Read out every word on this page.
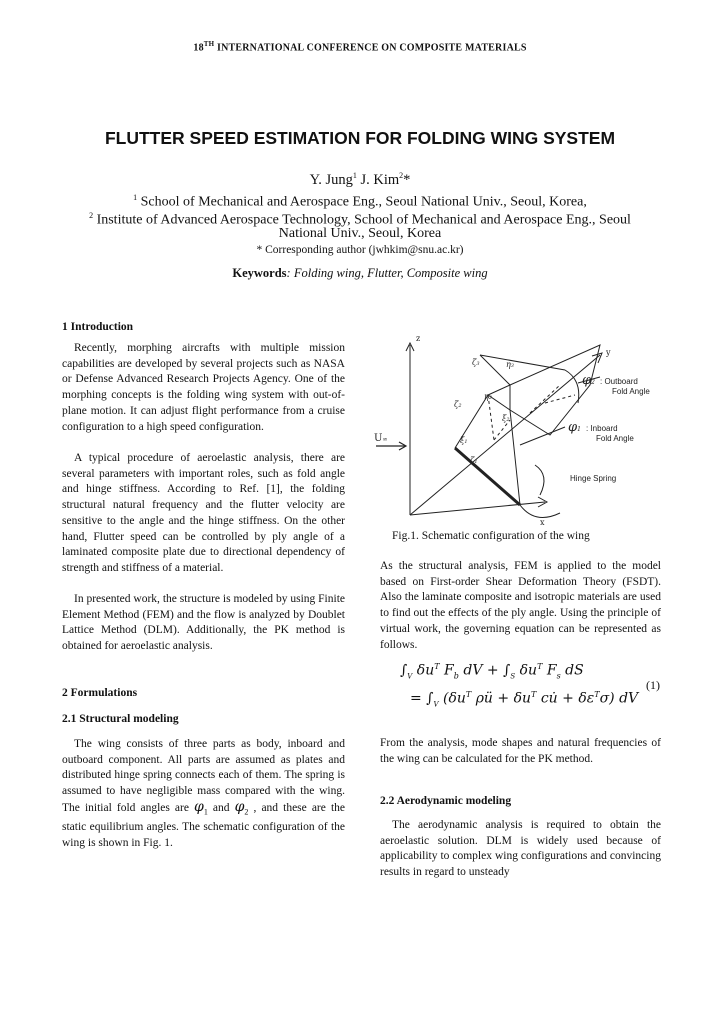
18TH INTERNATIONAL CONFERENCE ON COMPOSITE MATERIALS
FLUTTER SPEED ESTIMATION FOR FOLDING WING SYSTEM
Y. Jung$^1$ J. Kim$^2$*
$^1$ School of Mechanical and Aerospace Eng., Seoul National Univ., Seoul, Korea,
$^2$ Institute of Advanced Aerospace Technology, School of Mechanical and Aerospace Eng., Seoul
National Univ., Seoul, Korea
* Corresponding author (jwhkim@snu.ac.kr)
Keywords: Folding wing, Flutter, Composite wing
1 Introduction
Recently, morphing aircrafts with multiple mission capabilities are developed by several projects such as NASA or Defense Advanced Research Projects Agency. One of the morphing concepts is the folding wing system with out-of-plane motion. It can adjust flight performance from a cruise configuration to a high speed configuration.
A typical procedure of aeroelastic analysis, there are several parameters with important roles, such as fold angle and hinge stiffness. According to Ref. [1], the folding structural natural frequency and the flutter velocity are sensitive to the angle and the hinge stiffness. On the other hand, Flutter speed can be controlled by ply angle of a laminated composite plate due to directional dependency of strength and stiffness of a material.
In presented work, the structure is modeled by using Finite Element Method (FEM) and the flow is analyzed by Doublet Lattice Method (DLM). Additionally, the PK method is obtained for aeroelastic analysis.
2 Formulations
2.1 Structural modeling
The wing consists of three parts as body, inboard and outboard component. All parts are assumed as plates and distributed hinge spring connects each of them. The spring is assumed to have negligible mass compared with the wing. The initial fold angles are $\varphi_1$ and $\varphi_2$ , and these are the static equilibrium angles. The schematic configuration of the wing is shown in Fig. 1.
z
y
x
U∞
ζ3	η3
ζ2
η2
ξ2
ξ1
ζ1
φ2 : Outboard
Fold Angle
φ1 : Inboard
Fold Angle
Hinge Spring
Fig.1. Schematic configuration of the wing
As the structural analysis, FEM is applied to the model based on First-order Shear Deformation Theory (FSDT). Also the laminate composite and isotropic materials are used to find out the effects of the ply angle. Using the principle of virtual work, the governing equation can be represented as follows.
$\int_V$ $\delta u^T$ $F_b$ dV + $\int_S$ $\delta u^T$ $F_s$ dS
= $\int_V$ ($\delta u^T$ ρü + $\delta u^T$ cu̇ + $\delta\varepsilon^T\sigma$) dV
(1)
From the analysis, mode shapes and natural frequencies of the wing can be calculated for the PK method.
2.2 Aerodynamic modeling
The aerodynamic analysis is required to obtain the aeroelastic solution. DLM is widely used because of applicability to complex wing configurations and convincing results in regard to unsteady
